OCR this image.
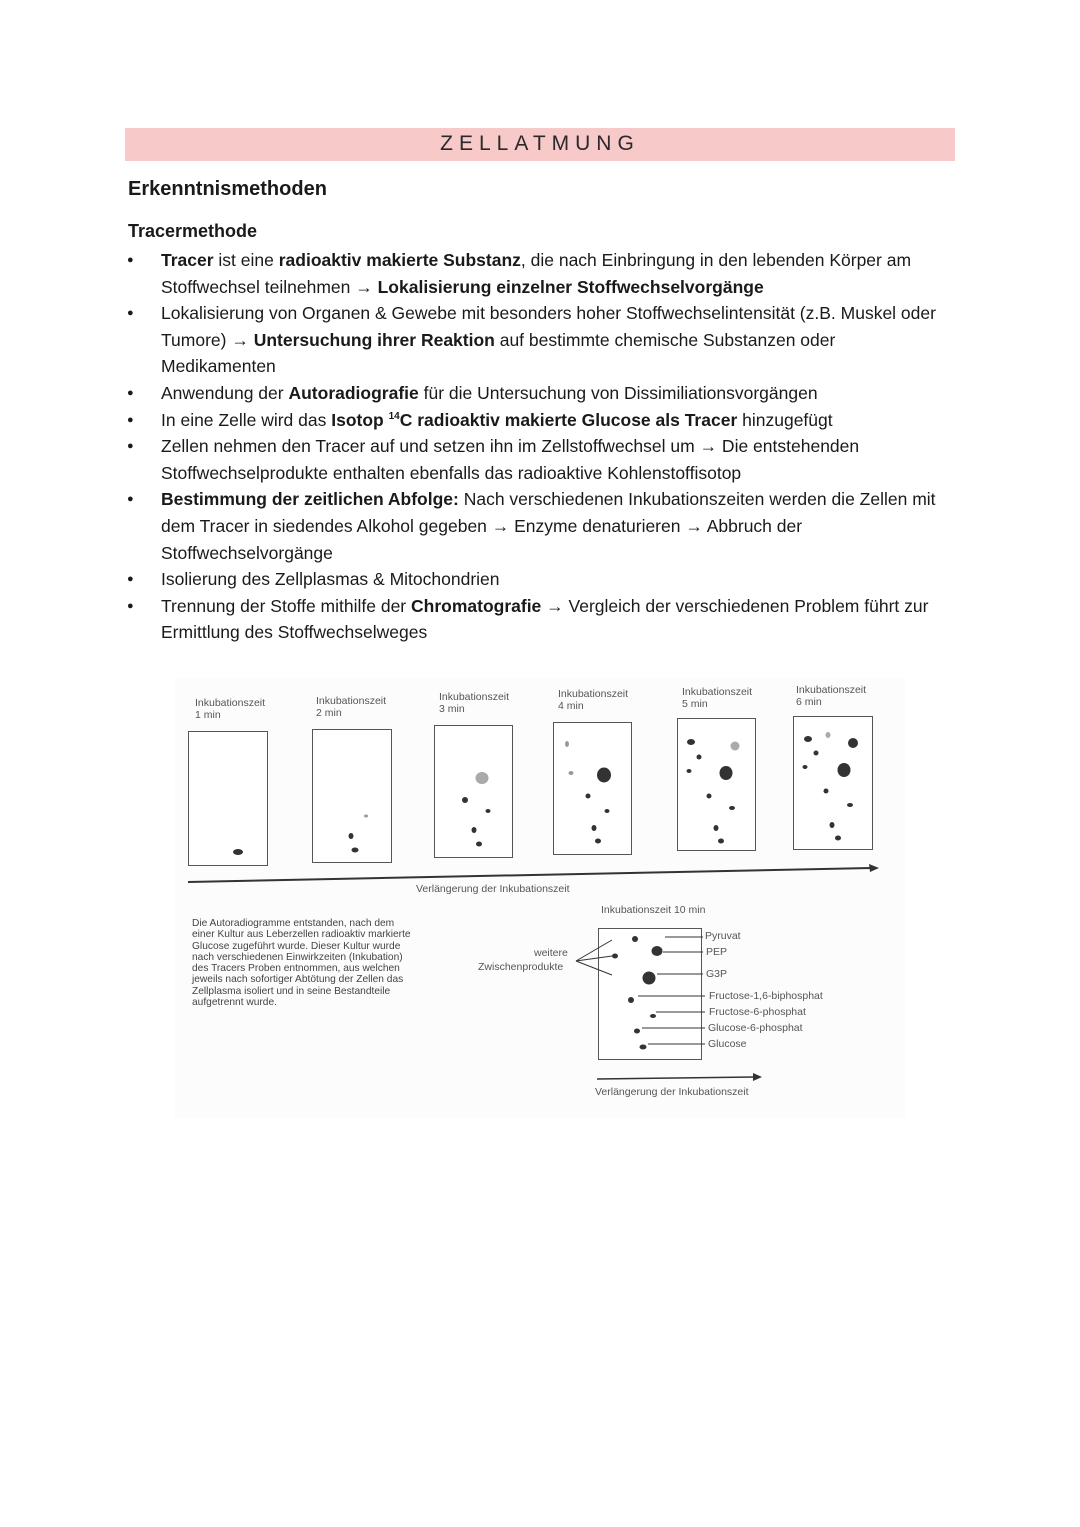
ZELLATMUNG
Erkenntnismethoden
Tracermethode
● Tracer ist eine radioaktiv makierte Substanz, die nach Einbringung in den lebenden Körper am Stoffwechsel teilnehmen → Lokalisierung einzelner Stoffwechselvorgänge
● Lokalisierung von Organen & Gewebe mit besonders hoher Stoffwechselintensität (z.B. Muskel oder Tumore) → Untersuchung ihrer Reaktion auf bestimmte chemische Substanzen oder Medikamenten
● Anwendung der Autoradiografie für die Untersuchung von Dissimiliationsvorgängen
● In eine Zelle wird das Isotop $^{14}$C radioaktiv makierte Glucose als Tracer hinzugefügt
● Zellen nehmen den Tracer auf und setzen ihn im Zellstoffwechsel um → Die entstehenden Stoffwechselprodukte enthalten ebenfalls das radioaktive Kohlenstoffisotop
● Bestimmung der zeitlichen Abfolge: Nach verschiedenen Inkubationszeiten werden die Zellen mit dem Tracer in siedendes Alkohol gegeben → Enzyme denaturieren → Abbruch der Stoffwechselvorgänge
● Isolierung des Zellplasmas & Mitochondrien
● Trennung der Stoffe mithilfe der Chromatografie → Vergleich der verschiedenen Problem führt zur Ermittlung des Stoffwechselweges
Inkubationszeit
1 min
Inkubationszeit
2 min
Inkubationszeit
3 min
Inkubationszeit
4 min
Inkubationszeit
5 min
Inkubationszeit
6 min
Verlängerung der Inkubationszeit
Inkubationszeit 10 min
weitere
Zwischenprodukte
Pyruvat
PEP
G3P
Fructose-1,6-biphosphat
Fructose-6-phosphat
Glucose-6-phosphat
Glucose
Verlängerung der Inkubationszeit
Die Autoradiogramme entstanden, nach dem einer Kultur aus Leberzellen radioaktiv markierte Glucose zugeführt wurde. Dieser Kultur wurde nach verschiedenen Einwirkzeiten (Inkubation) des Tracers Proben entnommen, aus welchen jeweils nach sofortiger Abtötung der Zellen das Zellplasma isoliert und in seine Bestandteile aufgetrennt wurde.
